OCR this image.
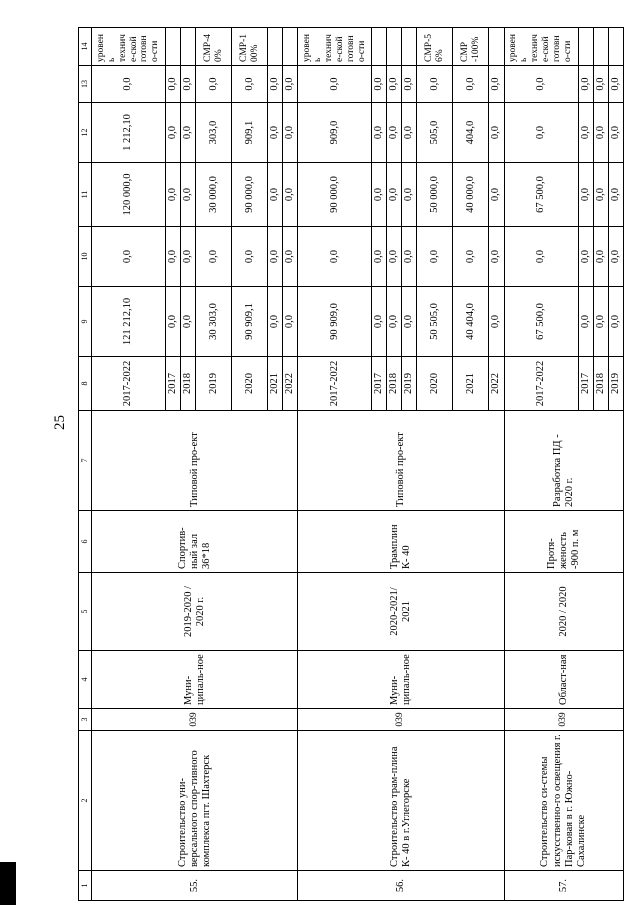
25
1	2	3	4	5	6	7	8	9	10	11	12	13	14
55.	Строительство уни-версального спор-тивного комплекса пгт. Шахтерск	039	Муни-ципаль-ное	2019-2020 / 2020 г.	Спортив-ный зал 36*18	Типовой про-ект	2017-2022	121 212,10	0,0	120 000,0	1 212,10	0,0	уровень техниче-ской готовно-сти
							2017	0,0	0,0	0,0	0,0	0,0	
							2018	0,0	0,0	0,0	0,0	0,0	
							2019	30 303,0	0,0	30 000,0	303,0	0,0	СМР-40%
							2020	90 909,1	0,0	90 000,0	909,1	0,0	СМР-100%
							2021	0,0	0,0	0,0	0,0	0,0	
							2022	0,0	0,0	0,0	0,0	0,0	
56.	Строительство трам-плина К- 40 в г.Углегорске	039	Муни-ципаль-ное	2020-2021/ 2021	Трамплин К- 40	Типовой про-ект	2017-2022	90 909,0	0,0	90 000,0	909,0	0,0	уровень техниче-ской готовно-сти
							2017	0,0	0,0	0,0	0,0	0,0	
							2018	0,0	0,0	0,0	0,0	0,0	
							2019	0,0	0,0	0,0	0,0	0,0	
							2020	50 505,0	0,0	50 000,0	505,0	0,0	СМР-56%
							2021	40 404,0	0,0	40 000,0	404,0	0,0	СМР -100%
							2022	0,0	0,0	0,0	0,0	0,0	
57.	Строительство си-стемы искусственно-го освещения г. Пар-ковая в г. Южно-Сахалинске	039	Област-ная	2020 / 2020	Протя-женость -900 п. м	Разработка ПД - 2020 г.	2017-2022	67 500,0	0,0	67 500,0	0,0	0,0	уровень техниче-ской готовно-сти
							2017	0,0	0,0	0,0	0,0	0,0	
							2018	0,0	0,0	0,0	0,0	0,0	
							2019	0,0	0,0	0,0	0,0	0,0	
